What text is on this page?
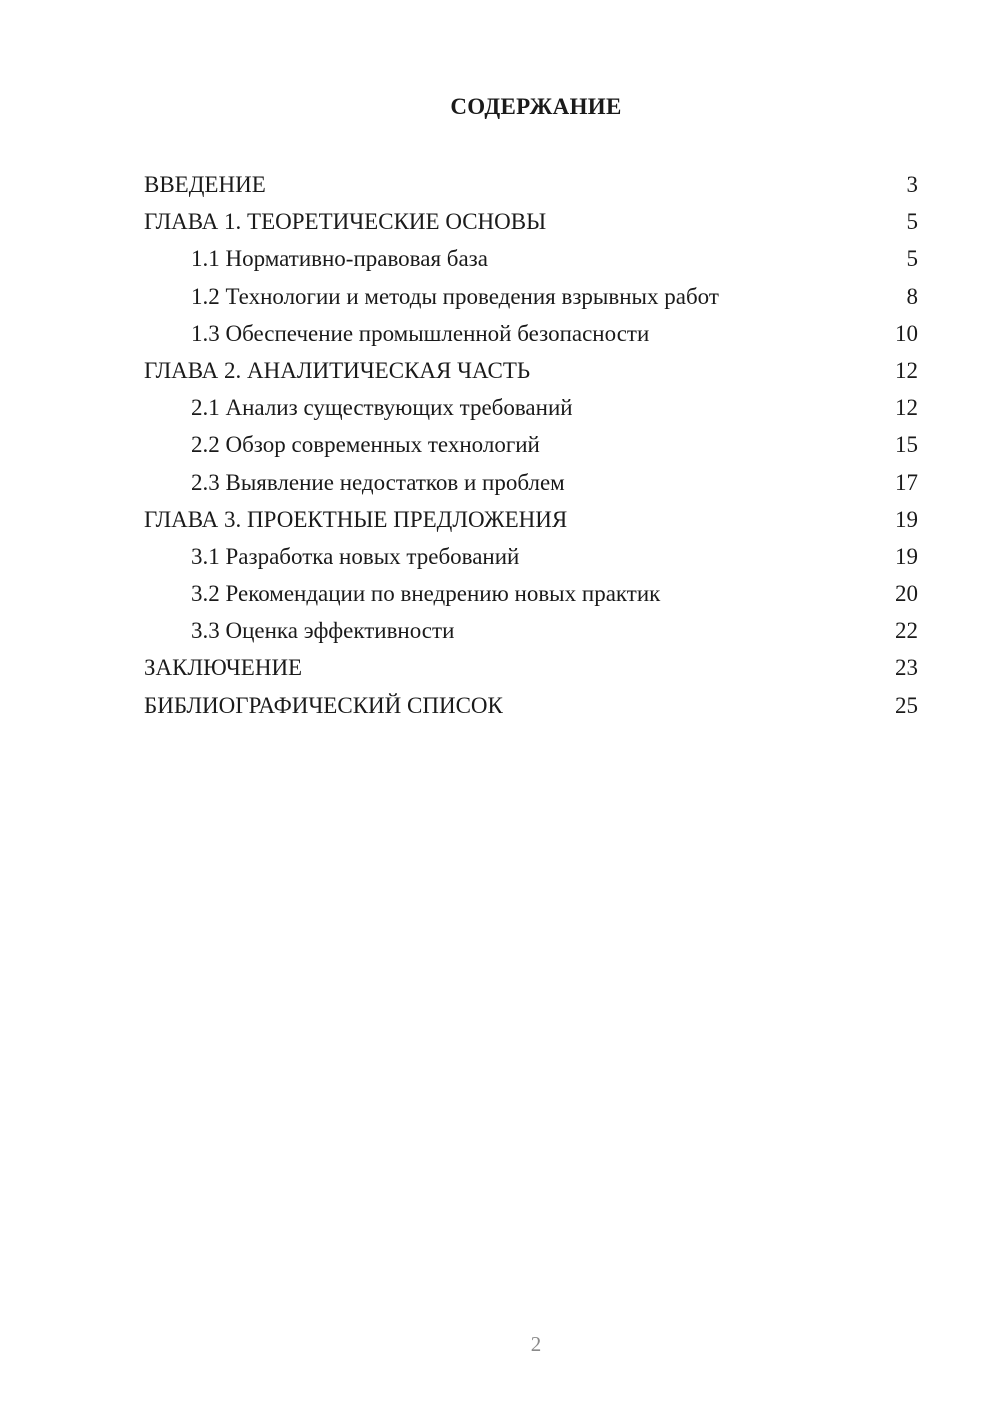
СОДЕРЖАНИЕ
ВВЕДЕНИЕ	3
ГЛАВА 1. ТЕОРЕТИЧЕСКИЕ ОСНОВЫ	5
1.1 Нормативно-правовая база	5
1.2 Технологии и методы проведения взрывных работ	8
1.3 Обеспечение промышленной безопасности	10
ГЛАВА 2. АНАЛИТИЧЕСКАЯ ЧАСТЬ	12
2.1 Анализ существующих требований	12
2.2 Обзор современных технологий	15
2.3 Выявление недостатков и проблем	17
ГЛАВА 3. ПРОЕКТНЫЕ ПРЕДЛОЖЕНИЯ	19
3.1 Разработка новых требований	19
3.2 Рекомендации по внедрению новых практик	20
3.3 Оценка эффективности	22
ЗАКЛЮЧЕНИЕ	23
БИБЛИОГРАФИЧЕСКИЙ СПИСОК	25
2
